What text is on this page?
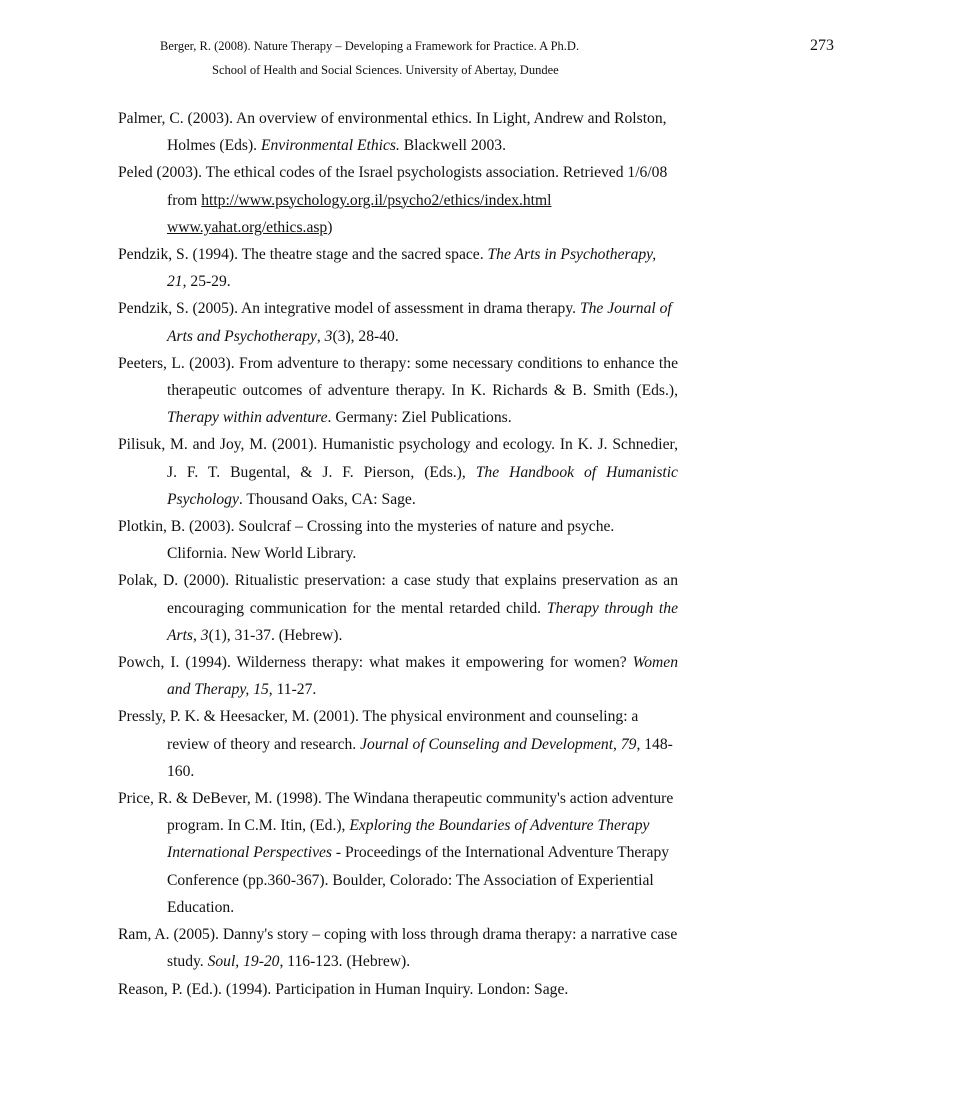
Berger, R. (2008). Nature Therapy – Developing a Framework for Practice. A Ph.D.	273
School of Health and Social Sciences. University of Abertay, Dundee
Palmer, C. (2003). An overview of environmental ethics. In Light, Andrew and Rolston, Holmes (Eds). Environmental Ethics. Blackwell 2003.
Peled (2003). The ethical codes of the Israel psychologists association. Retrieved 1/6/08 from http://www.psychology.org.il/psycho2/ethics/index.html www.yahat.org/ethics.asp)
Pendzik, S. (1994). The theatre stage and the sacred space. The Arts in Psychotherapy, 21, 25-29.
Pendzik, S. (2005). An integrative model of assessment in drama therapy. The Journal of Arts and Psychotherapy, 3(3), 28-40.
Peeters, L. (2003). From adventure to therapy: some necessary conditions to enhance the therapeutic outcomes of adventure therapy. In K. Richards & B. Smith (Eds.), Therapy within adventure. Germany: Ziel Publications.
Pilisuk, M. and Joy, M. (2001). Humanistic psychology and ecology. In K. J. Schnedier, J. F. T. Bugental, & J. F. Pierson, (Eds.), The Handbook of Humanistic Psychology. Thousand Oaks, CA: Sage.
Plotkin, B. (2003). Soulcraf – Crossing into the mysteries of nature and psyche. Clifornia. New World Library.
Polak, D. (2000). Ritualistic preservation: a case study that explains preservation as an encouraging communication for the mental retarded child. Therapy through the Arts, 3(1), 31-37. (Hebrew).
Powch, I. (1994). Wilderness therapy: what makes it empowering for women? Women and Therapy, 15, 11-27.
Pressly, P. K. & Heesacker, M. (2001). The physical environment and counseling: a review of theory and research. Journal of Counseling and Development, 79, 148-160.
Price, R. & DeBever, M. (1998). The Windana therapeutic community's action adventure program. In C.M. Itin, (Ed.), Exploring the Boundaries of Adventure Therapy International Perspectives - Proceedings of the International Adventure Therapy Conference (pp.360-367). Boulder, Colorado: The Association of Experiential Education.
Ram, A. (2005). Danny's story – coping with loss through drama therapy: a narrative case study. Soul, 19-20, 116-123. (Hebrew).
Reason, P. (Ed.). (1994). Participation in Human Inquiry. London: Sage.
